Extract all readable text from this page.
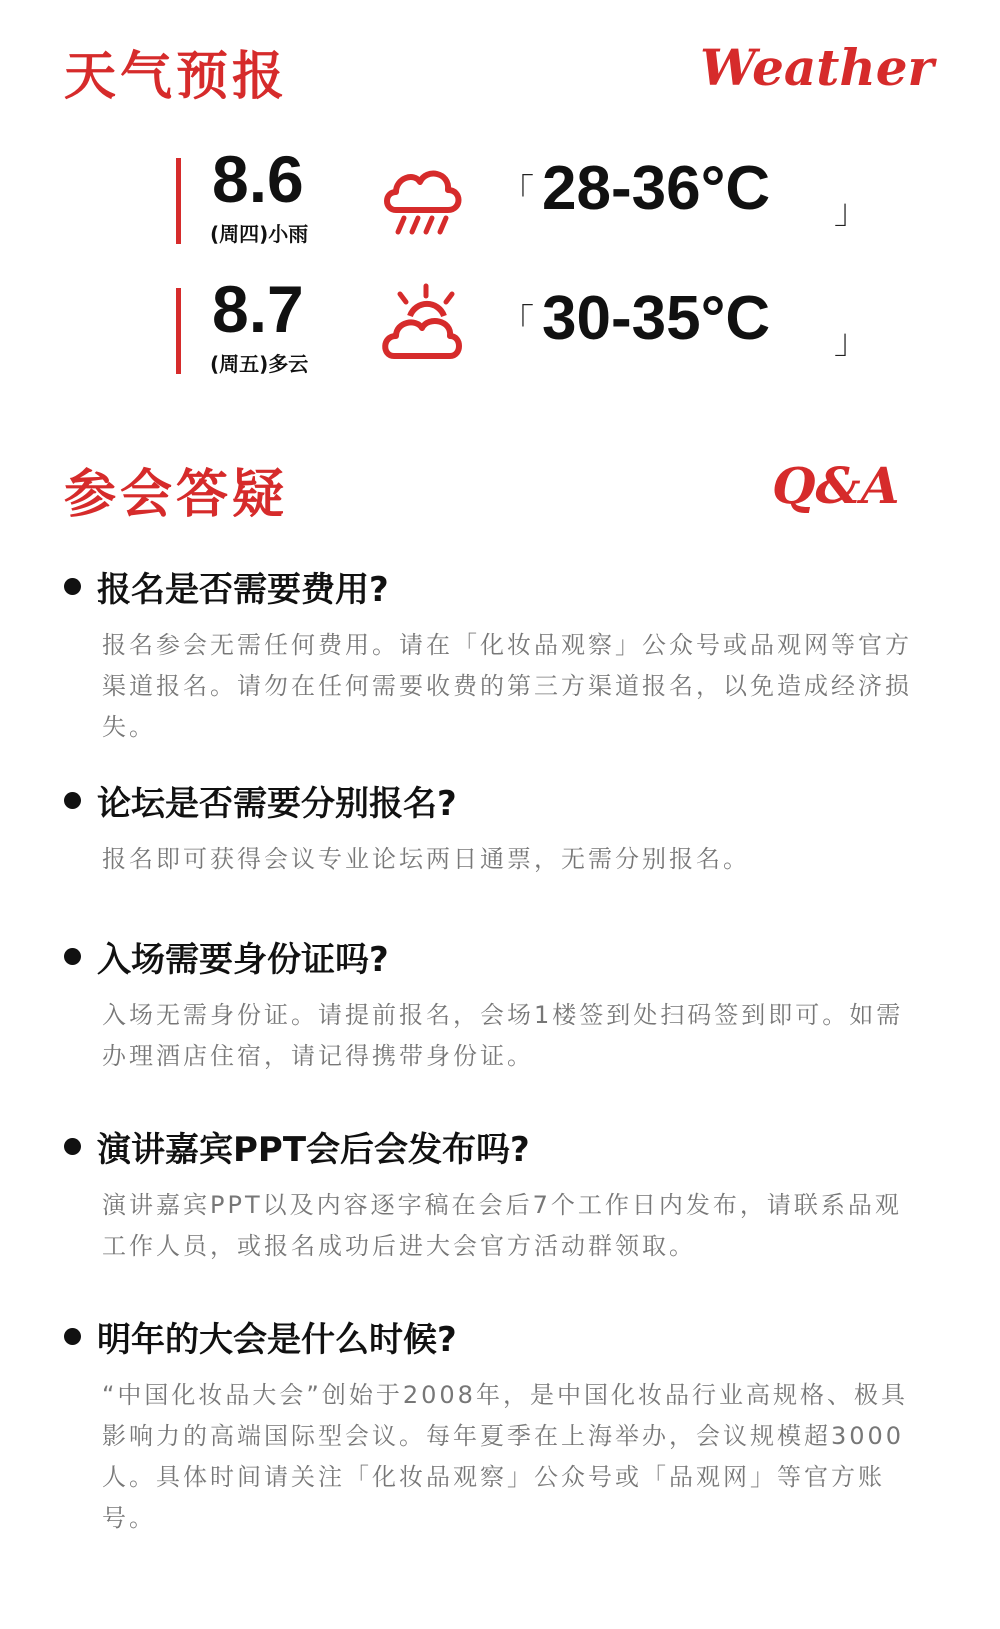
天气预报	Weather
8.6
(周四)小雨
「 28-36°C 」
8.7
(周五)多云
「 30-35°C 」
参会答疑	Q&A
报名是否需要费用?
报名参会无需任何费用。请在「化妆品观察」公众号或品观网等官方渠道报名。请勿在任何需要收费的第三方渠道报名，以免造成经济损失。
论坛是否需要分别报名?
报名即可获得会议专业论坛两日通票，无需分别报名。
入场需要身份证吗?
入场无需身份证。请提前报名，会场1楼签到处扫码签到即可。如需办理酒店住宿，请记得携带身份证。
演讲嘉宾PPT会后会发布吗?
演讲嘉宾PPT以及内容逐字稿在会后7个工作日内发布，请联系品观工作人员，或报名成功后进大会官方活动群领取。
明年的大会是什么时候?
“中国化妆品大会”创始于2008年，是中国化妆品行业高规格、极具影响力的高端国际型会议。每年夏季在上海举办，会议规模超3000人。具体时间请关注「化妆品观察」公众号或「品观网」等官方账号。
